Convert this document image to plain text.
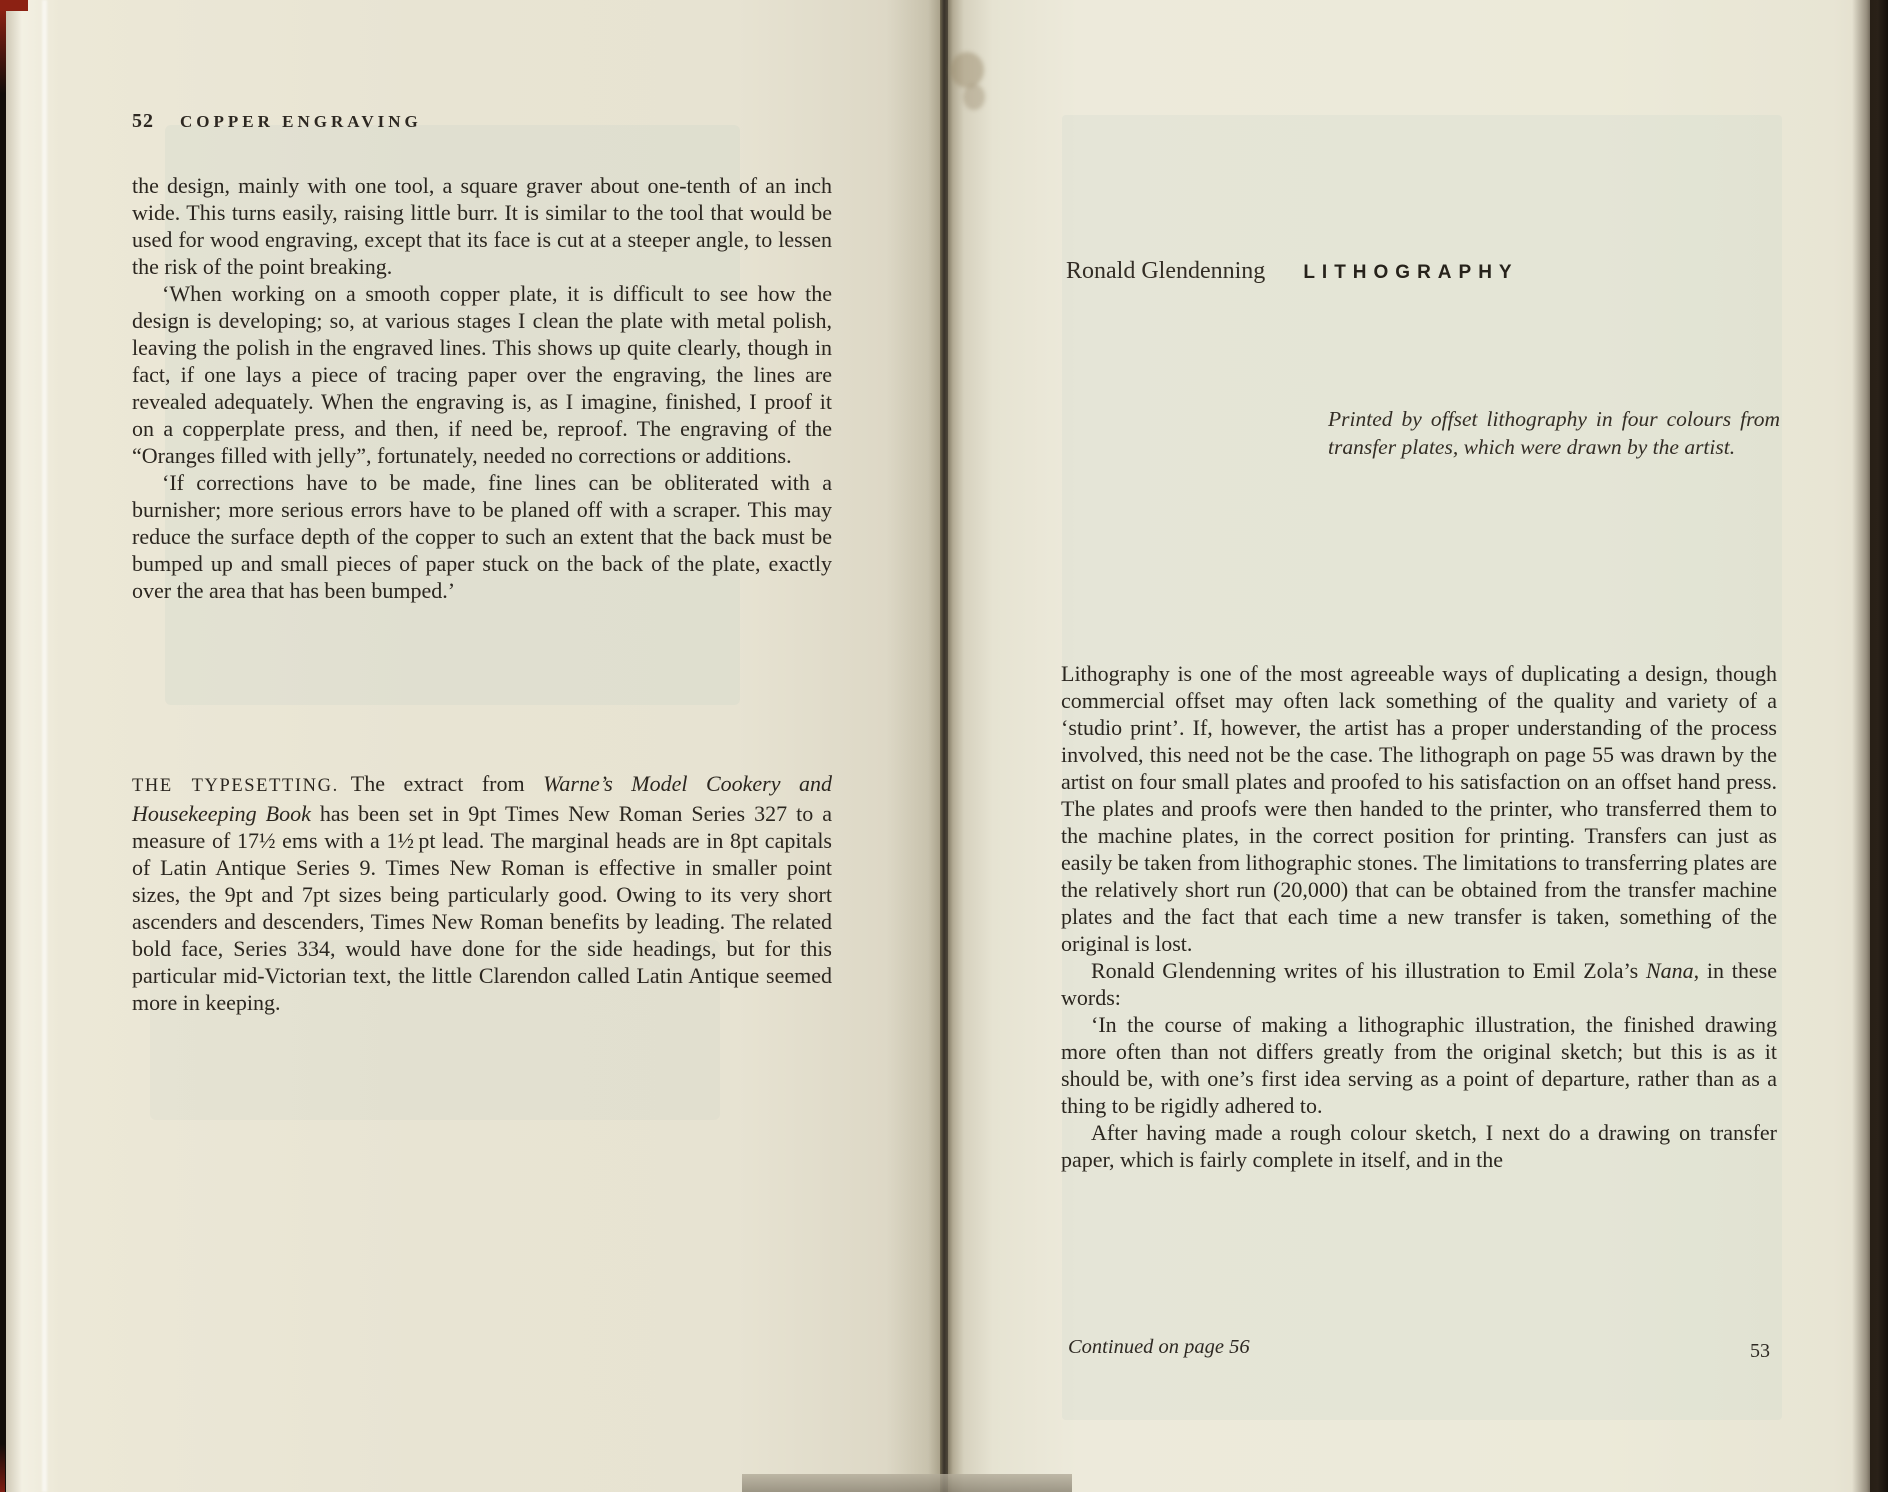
52 COPPER ENGRAVING

the design, mainly with one tool, a square graver about one-tenth of an inch wide. This turns easily, raising little burr. It is similar to the tool that would be used for wood engraving, except that its face is cut at a steeper angle, to lessen the risk of the point breaking.

‘When working on a smooth copper plate, it is difficult to see how the design is developing; so, at various stages I clean the plate with metal polish, leaving the polish in the engraved lines. This shows up quite clearly, though in fact, if one lays a piece of tracing paper over the engraving, the lines are revealed adequately. When the engraving is, as I imagine, finished, I proof it on a copperplate press, and then, if need be, reproof. The engraving of the “Oranges filled with jelly”, fortunately, needed no corrections or additions.

‘If corrections have to be made, fine lines can be obliterated with a burnisher; more serious errors have to be planed off with a scraper. This may reduce the surface depth of the copper to such an extent that the back must be bumped up and small pieces of paper stuck on the back of the plate, exactly over the area that has been bumped.’

THE TYPESETTING. The extract from Warne’s Model Cookery and Housekeeping Book has been set in 9pt Times New Roman Series 327 to a measure of 17½ ems with a 1½ pt lead. The marginal heads are in 8pt capitals of Latin Antique Series 9. Times New Roman is effective in smaller point sizes, the 9pt and 7pt sizes being particularly good. Owing to its very short ascenders and descenders, Times New Roman benefits by leading. The related bold face, Series 334, would have done for the side headings, but for this particular mid-Victorian text, the little Clarendon called Latin Antique seemed more in keeping.

Ronald Glendenning LITHOGRAPHY
Printed by offset lithography in four colours from transfer plates, which were drawn by the artist.

Lithography is one of the most agreeable ways of duplicating a design, though commercial offset may often lack something of the quality and variety of a ‘studio print’. If, however, the artist has a proper understanding of the process involved, this need not be the case. The lithograph on page 55 was drawn by the artist on four small plates and proofed to his satisfaction on an offset hand press. The plates and proofs were then handed to the printer, who transferred them to the machine plates, in the correct position for printing. Transfers can just as easily be taken from lithographic stones. The limitations to transferring plates are the relatively short run (20,000) that can be obtained from the transfer machine plates and the fact that each time a new transfer is taken, something of the original is lost.

Ronald Glendenning writes of his illustration to Emil Zola’s Nana, in these words:

‘In the course of making a lithographic illustration, the finished drawing more often than not differs greatly from the original sketch; but this is as it should be, with one’s first idea serving as a point of departure, rather than as a thing to be rigidly adhered to.

After having made a rough colour sketch, I next do a drawing on transfer paper, which is fairly complete in itself, and in the

Continued on page 56	53
